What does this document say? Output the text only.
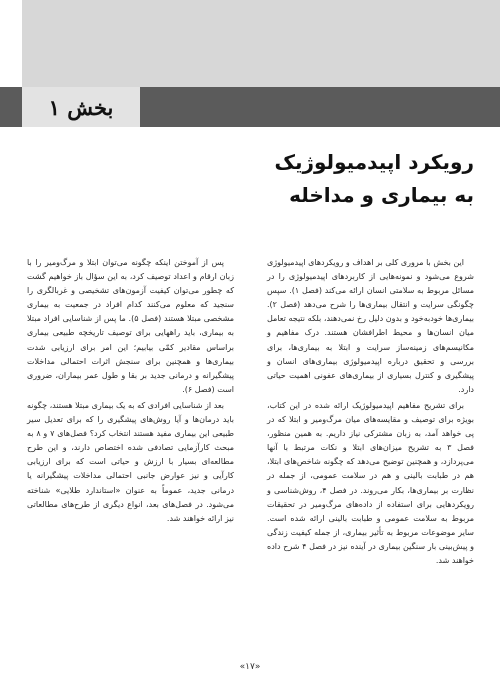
بخش ۱
رویکرد اپیدمیولوژیک
به بیماری و مداخله

این بخش با مروری کلی بر اهداف و رویکردهای اپیدمیولوژی شروع می‌شود و نمونه‌هایی از کاربردهای اپیدمیولوژی را در مسائل مربوط به سلامتی انسان ارائه می‌کند (فصل ۱). سپس چگونگی سرایت و انتقال بیماری‌ها را شرح می‌دهد (فصل ۲). بیماری‌ها خودبه‌خود و بدون دلیل رخ نمی‌دهند، بلکه نتیجه تعامل میان انسان‌ها و محیط اطرافشان هستند. درک مفاهیم و مکانیسم‌های زمینه‌ساز سرایت و ابتلا به بیماری‌ها، برای بررسی و تحقیق درباره اپیدمیولوژی بیماری‌های انسان و پیشگیری و کنترل بسیاری از بیماری‌های عفونی اهمیت حیاتی دارد.

برای تشریح مفاهیم اپیدمیولوژیک ارائه شده در این کتاب، بویژه برای توصیف و مقایسه‌های میان مرگ‌ومیر و ابتلا که در پی خواهد آمد، به زبان مشترکی نیاز داریم. به همین منظور، فصل ۳ به تشریح میزان‌های ابتلا و نکات مرتبط با آنها می‌پردازد، و همچنین توضیح می‌دهد که چگونه شاخص‌های ابتلا، هم در طبابت بالینی و هم در سلامت عمومی، از جمله در نظارت بر بیماری‌ها، بکار می‌روند. در فصل ۴، روش‌شناسی و رویکردهایی برای استفاده از داده‌های مرگ‌ومیر در تحقیقات مربوط به سلامت عمومی و طبابت بالینی ارائه شده است. سایر موضوعات مربوط به تأثیر بیماری، از جمله کیفیت زندگی و پیش‌بینی بار سنگین بیماری در آینده نیز در فصل ۴ شرح داده خواهند شد.

پس از آموختن اینکه چگونه می‌توان ابتلا و مرگ‌ومیر را با زبان ارقام و اعداد توصیف کرد، به این سؤال باز خواهیم گشت که چطور می‌توان کیفیت آزمون‌های تشخیصی و غربالگری را سنجید که معلوم می‌کنند کدام افراد در جمعیت به بیماری مشخصی مبتلا هستند (فصل ۵). ما پس از شناسایی افراد مبتلا به بیماری، باید راههایی برای توصیف تاریخچه طبیعی بیماری براساس مقادیر کمّی بیابیم؛ این امر برای ارزیابی شدت بیماری‌ها و همچنین برای سنجش اثرات احتمالی مداخلات پیشگیرانه و درمانی جدید بر بقا و طول عمر بیماران، ضروری است (فصل ۶).

بعد از شناسایی افرادی که به یک بیماری مبتلا هستند، چگونه باید درمان‌ها و آیا روش‌های پیشگیری را که برای تعدیل سیر طبیعی این بیماری مفید هستند انتخاب کرد؟ فصل‌های ۷ و ۸ به مبحث کارآزمایی تصادفی شده اختصاص دارند، و این طرح مطالعه‌ای بسیار با ارزش و حیاتی است که برای ارزیابی کارآیی و نیز عوارض جانبی احتمالی مداخلات پیشگیرانه یا درمانی جدید، عموماً به عنوان «استاندارد طلایی» شناخته می‌شود. در فصل‌های بعد، انواع دیگری از طرح‌های مطالعاتی نیز ارائه خواهند شد.

«۱۷»
